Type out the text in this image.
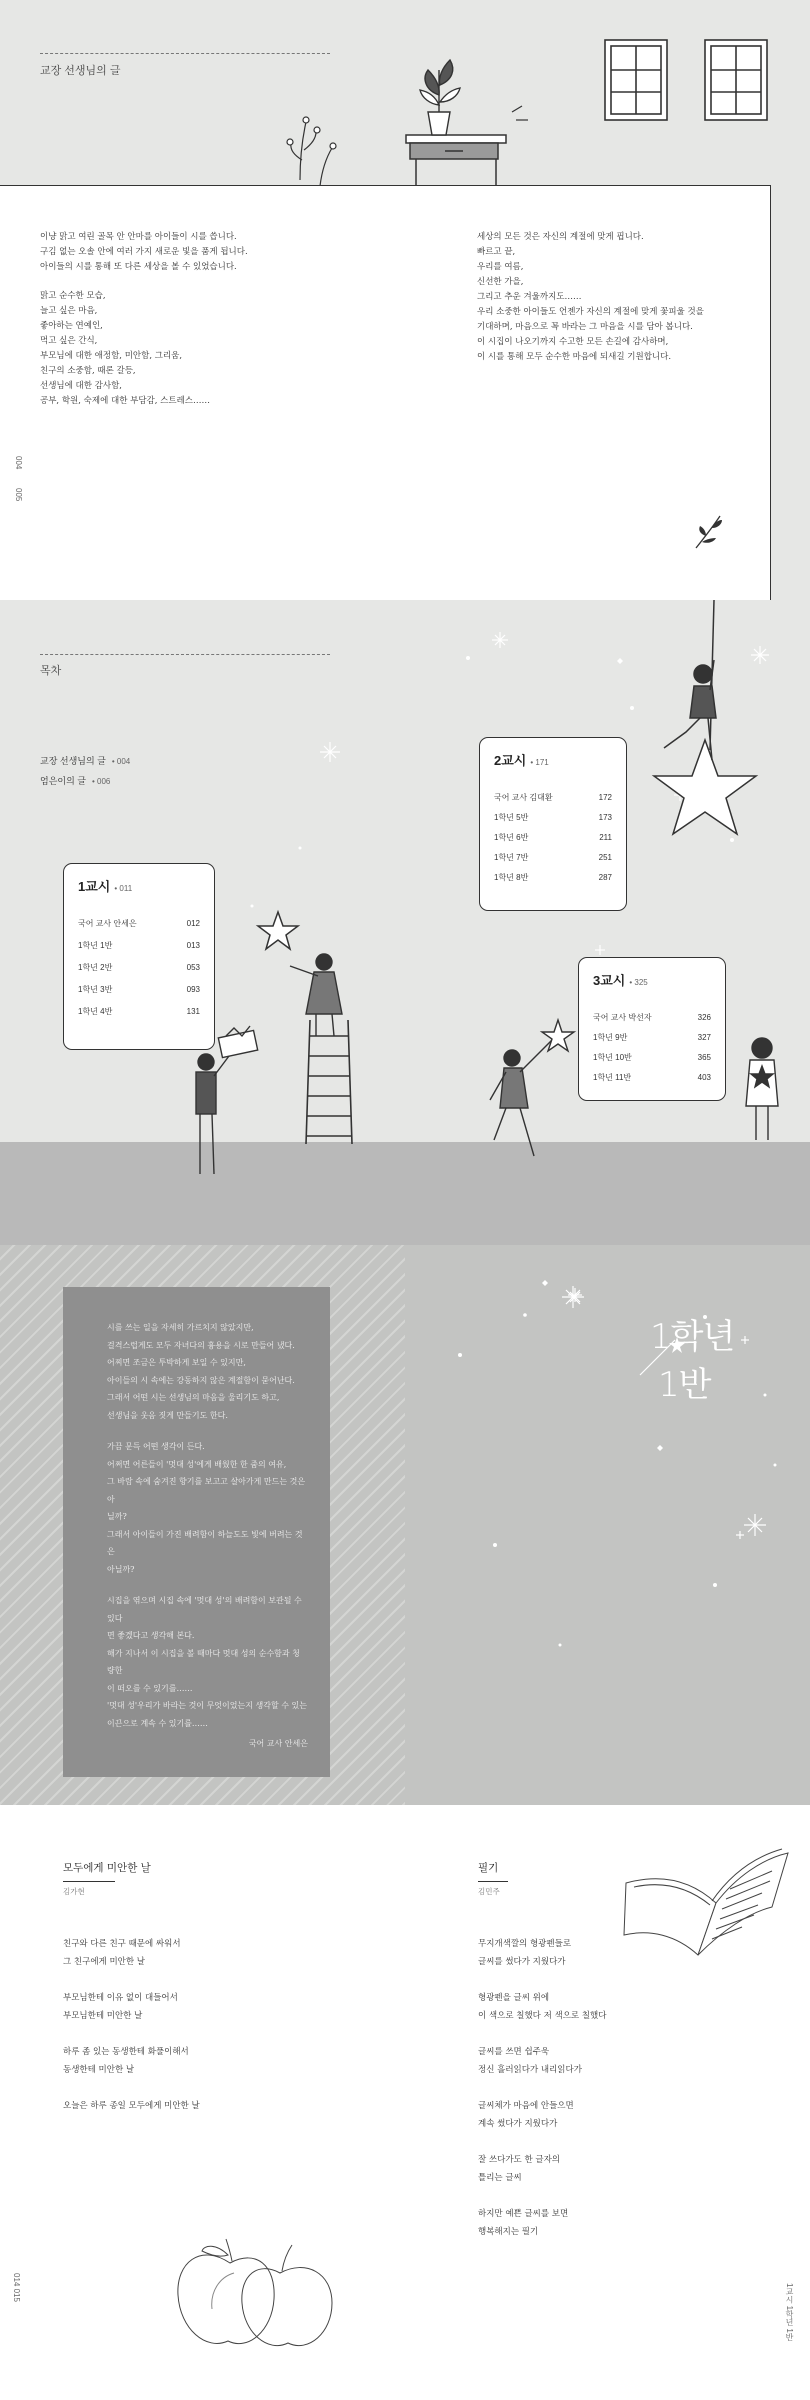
교장 선생님의 글

이냥 맑고 여린 골목 안 안마를 아이들이 시를 씁니다.

구김 없는 오솔 안에 여러 가지 새로운 빛을 품게 됩니다.

아이들의 시를 통해 또 다른 세상을 볼 수 있었습니다.

맑고 순수한 모습,

늘고 싶은 마음,

좋아하는 연예인,

먹고 싶은 간식,

부모님에 대한 애정함, 미안함, 그리움,

친구의 소중함, 때론 갈등,

선생님에 대한 감사함,

공부, 학원, 숙제에 대한 부담감, 스트레스……

세상의 모든 것은 자신의 계절에 맞게 핍니다.

빠르고 끝,

우리를 여름,

신선한 가을,

그리고 추운 겨울까지도……

우리 소중한 아이들도 언젠가 자신의 계절에 맞게 꽃피울 것을

기대하며, 마음으로 꼭 바라는 그 마음을 시를 담아 봅니다.

이 시집이 나오기까지 수고한 모든 손길에 감사하며,

이 시를 통해 모두 순수한 마음에 되새길 기원합니다.

004
005
목차
교장 선생님의 글 • 004
엄은이의 글 • 006
1교시 • 011
국어 교사 안세은	012
1학년 1반	013
1학년 2반	053
1학년 3반	093
1학년 4반	131
2교시 • 171
국어 교사 김대환	172
1학년 5반	173
1학년 6반	211
1학년 7반	251
1학년 8반	287
3교시 • 325
국어 교사 박선자	326
1학년 9반	327
1학년 10반	365
1학년 11반	403

시를 쓰는 일을 자세히 가르치지 않았지만,

걸격스럽게도 모두 자녀다의 흉용을 시로 만들어 냈다.

어찌면 조금은 투박하게 보일 수 있지만,

아이들의 시 속에는 강동하지 않은 계절함이 묻어난다.

그래서 어떤 시는 선생님의 마음을 울리기도 하고,

선생님을 웃음 짓게 만들기도 한다.

가끔 문득 어떤 생각이 든다.

어쩌면 어른들이 '멋대 성'에게 배웠한 한 줌의 여유,

그 바람 속에 숨겨진 향기를 보고고 살아가게 만드는 것은 아

닐까?

그래서 아이들이 가진 배려함이 하늘도도 빛에 버려는 것은

아닐까?

시집을 엮으며 시집 속에 '멋대 성'의 배려함이 보관될 수 있다

면 좋겠다고 생각해 본다.

해가 지나서 이 시집을 볼 때마다 멋대 성의 순수함과 청량한

이 떠오를 수 있기를……

'멋대 성'우리가 바라는 것이 무엇이었는지 생각할 수 있는

이끈으로 계속 수 있기를……

국어 교사 안세은
1학년
1반
모두에게 미안한 날
김가현

친구와 다른 친구 때문에 싸워서

그 친구에게 미안한 날

부모님한테 이유 없이 대들어서

부모님한테 미안한 날

하루 좀 있는 동생한테 화풀이해서

동생한테 미안한 날

오늘은 하루 종일 모두에게 미안한 날

필기
김민주

무지개색깔의 형광펜들로

글씨를 썼다가 지웠다가

형광펜을 글씨 위에

이 색으로 칠했다 저 색으로 칠했다

글씨를 쓰면 쉽주욱

정신 흘러읽다가 내리읽다가

글씨체가 마음에 안들으면

계속 썼다가 지웠다가

잘 쓰다가도 한 글자의

틀리는 글씨

하지만 예쁜 글씨를 보면

행복해지는 필기

014 015	1교시 1학년 1반
